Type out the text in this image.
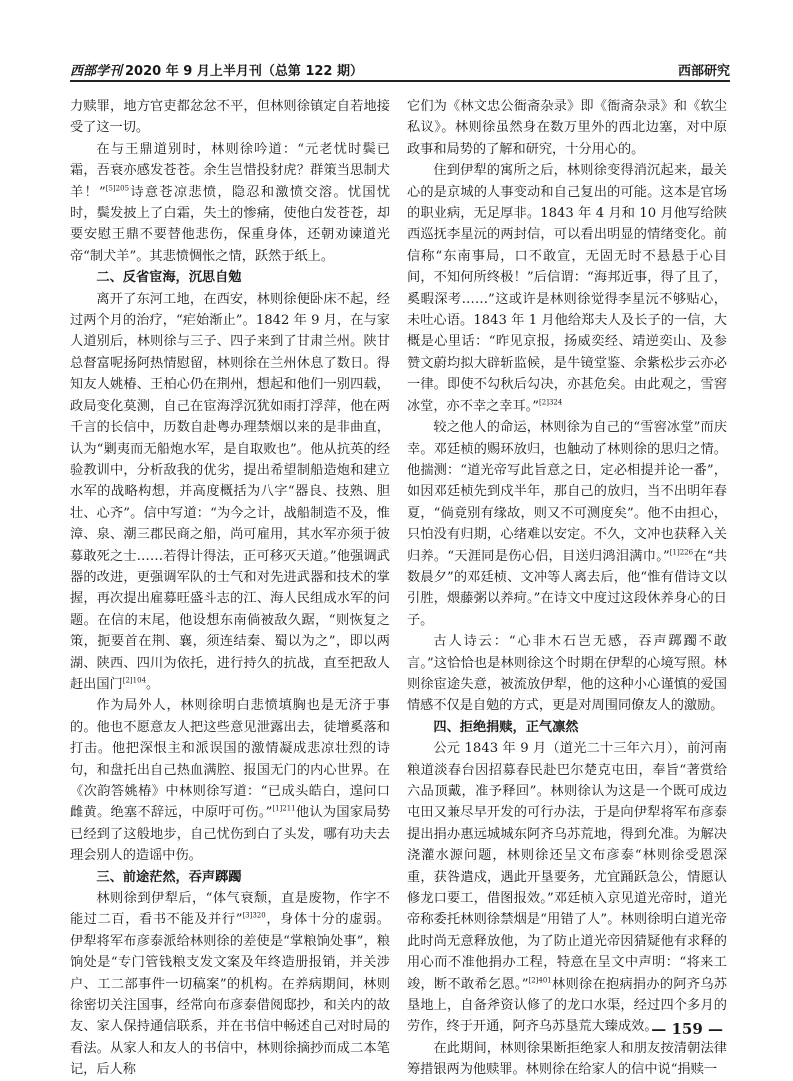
西部学刊 2020 年 9 月上半月刊（总第 122 期）	西部研究

力赎罪，地方官吏都忿忿不平，但林则徐镇定自若地接受了这一切。

在与王鼎道别时，林则徐吟道：“元老忧时鬓已霜，吾衰亦感发苍苍。余生岂惜投豺虎？群策当思制犬羊！”$^{[5]205}$诗意苍凉悲愤，隐忍和激愤交溶。忧国忧时，鬓发披上了白霜，失土的惨痛，使他白发苍苍，却要安慰王鼎不要替他悲伤，保重身体，还朝劝谏道光帝“制犬羊”。其悲愤惆怅之情，跃然于纸上。

二、反省宦海，沉思自勉

离开了东河工地，在西安，林则徐便卧床不起，经过两个月的治疗，“疟始渐止”。1842 年 9 月，在与家人道别后，林则徐与三子、四子来到了甘肃兰州。陕甘总督富呢扬阿热情慰留，林则徐在兰州休息了数日。得知友人姚椿、王柏心仍在荆州，想起和他们一别四载，政局变化莫测，自己在宦海浮沉犹如雨打浮萍，他在两千言的长信中，历数自赴粤办理禁烟以来的是非曲直，认为“剿夷而无船炮水军，是自取败也”。他从抗英的经验教训中，分析敌我的优劣，提出希望制船造炮和建立水军的战略构想，并高度概括为八字“器良、技熟、胆壮、心齐”。信中写道：“为今之计，战船制造不及，惟漳、泉、潮三郡民商之船，尚可雇用，其水军亦须于彼募敢死之士……若得计得法，正可移灭天道。”他强调武器的改进，更强调军队的士气和对先进武器和技术的掌握，再次提出雇募旺盛斗志的江、海人民组成水军的问题。在信的末尾，他设想东南倘被敌久踞，“则恢复之策，扼要首在荆、襄，须连结秦、蜀以为之”，即以两湖、陕西、四川为依托，进行持久的抗战，直至把敌人赶出国门$^{[2]104}$。

作为局外人，林则徐明白悲愤填胸也是无济于事的。他也不愿意友人把这些意见泄露出去，徒增奚落和打击。他把深恨主和派误国的激情凝成悲凉壮烈的诗句，和盘托出自己热血满腔、报国无门的内心世界。在《次韵答姚椿》中林则徐写道：“已成头皓白，遑问口雌黄。绝塞不辞远，中原吁可伤。”$^{[1]211}$他认为国家局势已经到了这般地步，自己忧伤到白了头发，哪有功夫去理会别人的造谣中伤。

三、前途茫然，吞声踯躅

林则徐到伊犁后，“体气衰颓，直是废物，作字不能过二百，看书不能及并行”$^{[3]320}$，身体十分的虚弱。伊犁将军布彦泰派给林则徐的差使是“掌粮饷处事”，粮饷处是“专门管钱粮支发文案及年终造册报销，并关涉户、工二部事件一切稿案”的机构。在养病期间，林则徐密切关注国事，经常向布彦泰借阅邸抄，和关内的故友、家人保持通信联系，并在书信中畅述自己对时局的看法。从家人和友人的书信中，林则徐摘抄而成二本笔记，后人称

它们为《林文忠公衙斋杂录》即《衙斋杂录》和《软尘私议》。林则徐虽然身在数万里外的西北边塞，对中原政事和局势的了解和研究，十分用心的。

住到伊犁的寓所之后，林则徐变得消沉起来，最关心的是京城的人事变动和自己复出的可能。这本是官场的职业病，无足厚非。1843 年 4 月和 10 月他写给陕西巡抚李星沅的两封信，可以看出明显的情绪变化。前信称“东南事局，口不敢宣，无固无时不悬悬于心目间，不知何所终极！”后信谓：“海邦近事，得了且了，奚暇深考……”这或许是林则徐觉得李星沅不够贴心，未吐心语。1843 年 1 月他给郑夫人及长子的一信，大概是心里话：“昨见京报，扬威奕经、靖逆奕山、及参赞文蔚均拟大辟斩监候，是牛镜堂鉴、余紫松步云亦必一律。即使不勾秋后勾决，亦甚危矣。由此观之，雪窖冰堂，亦不幸之幸耳。”$^{[2]324}$

较之他人的命运，林则徐为自己的“雪窖冰堂”而庆幸。邓廷桢的赐环放归，也触动了林则徐的思归之情。他揣测：“道光帝写此旨意之日，定必相提并论一番”，如因邓廷桢先到戍半年，那自己的放归，当不出明年春夏，“倘竟别有缘故，则又不可测度矣”。他不由担心，只怕没有归期，心绪难以安定。不久，文冲也获释入关归养。“天涯同是伤心侣，目送归鸿泪满巾。”$^{[1]226}$在“共数晨夕”的邓廷桢、文冲等人离去后，他“惟有借诗文以引胜，煨藤粥以养疴。”在诗文中度过这段休养身心的日子。

古人诗云：“心非木石岂无感，吞声踯躅不敢言。”这恰恰也是林则徐这个时期在伊犁的心境写照。林则徐宦途失意，被流放伊犁，他的这种小心谨慎的爱国情感不仅是自勉的方式，更是对周围同僚友人的激励。

四、拒绝捐赎，正气凛然

公元 1843 年 9 月（道光二十三年六月），前河南粮道淡春台因招募春民赴巴尔楚克屯田，奉旨“著赏给六品顶戴，准予释回”。林则徐认为这是一个既可成边屯田又兼尽早开发的可行办法，于是向伊犁将军布彦泰提出捐办惠远城城东阿齐乌苏荒地，得到允准。为解决浇灌水源问题，林则徐还呈文布彦泰“林则徐受恩深重，获咎遣戍，遇此开垦要务，尤宜踊跃急公，情愿认修龙口要工，借图报效。”邓廷桢入京见道光帝时，道光帝称委托林则徐禁烟是“用错了人”。林则徐明白道光帝此时尚无意释放他，为了防止道光帝因猜疑他有求释的用心而不准他捐办工程，特意在呈文中声明：“将来工竣，断不敢希乞恩。”$^{[2]401}$林则徐在抱病捐办的阿齐乌苏垦地上，自备斧资认修了的龙口水渠，经过四个多月的劳作，终于开通，阿齐乌苏垦荒大臻成效。

在此期间，林则徐果断拒绝家人和朋友按清朝法律筹措银两为他赎罪。林则徐在给家人的信中说“捐赎一

— 159 —
